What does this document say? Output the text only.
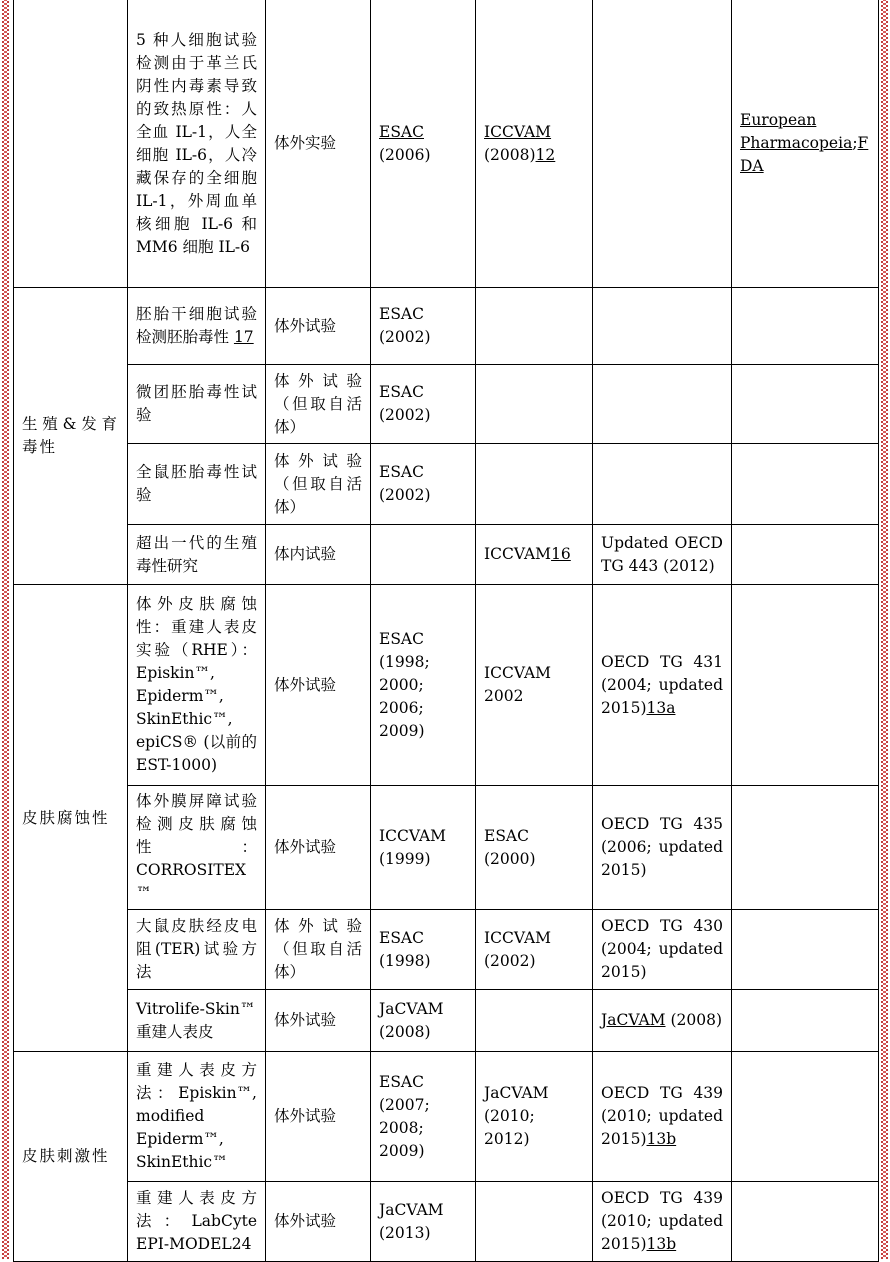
	5 种人细胞试验检测由于革兰氏阴性内毒素导致的致热原性：人全血 IL-1，人全细胞 IL-6，人冷藏保存的全细胞 IL-1，外周血单核细胞 IL-6 和 MM6 细胞 IL-6	体外实验	ESAC (2006)	ICCVAM (2008)12		European Pharmacopeia;FDA
生殖&发育毒性	胚胎干细胞试验检测胚胎毒性 17	体外试验	ESAC (2002)			
	微团胚胎毒性试验	体外试验（但取自活体）	ESAC (2002)			
	全鼠胚胎毒性试验	体外试验（但取自活体）	ESAC (2002)			
	超出一代的生殖毒性研究	体内试验		ICCVAM16	Updated OECD TG 443 (2012)	
皮肤腐蚀性	体外皮肤腐蚀性：重建人表皮实验（RHE）：Episkin™, Epiderm™, SkinEthic™, epiCS® (以前的 EST-1000)	体外试验	ESAC (1998; 2000; 2006; 2009)	ICCVAM 2002	OECD TG 431 (2004; updated 2015)13a	
	体外膜屏障试验检测皮肤腐蚀性：CORROSITEX™	体外试验	ICCVAM (1999)	ESAC (2000)	OECD TG 435 (2006; updated 2015)	
	大鼠皮肤经皮电阻(TER)试验方法	体外试验（但取自活体）	ESAC (1998)	ICCVAM (2002)	OECD TG 430 (2004; updated 2015)	
	Vitrolife-Skin™ 重建人表皮	体外试验	JaCVAM (2008)		JaCVAM (2008)	
皮肤刺激性	重建人表皮方法：Episkin™, modified Epiderm™, SkinEthic™	体外试验	ESAC (2007; 2008; 2009)	JaCVAM (2010; 2012)	OECD TG 439 (2010; updated 2015)13b	
	重建人表皮方法：LabCyte EPI-MODEL24	体外试验	JaCVAM (2013)		OECD TG 439 (2010; updated 2015)13b	
